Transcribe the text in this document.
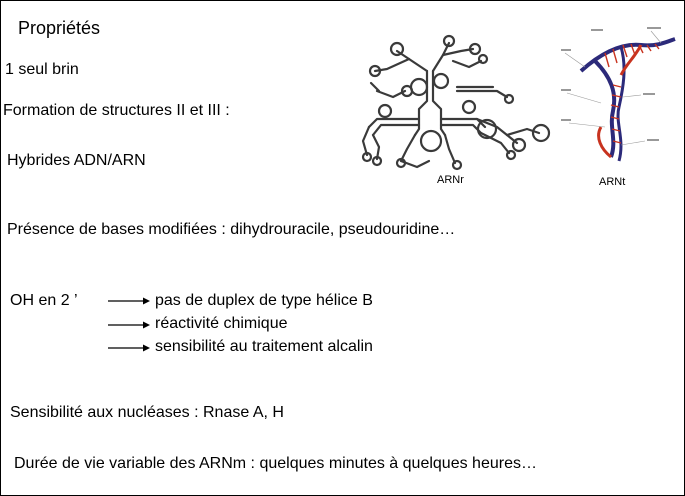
Propriétés
1 seul brin
Formation de structures II et III :
Hybrides ADN/ARN
Présence de bases modifiées : dihydrouracile, pseudouridine…
OH en 2 ’	pas de duplex de type hélice B
réactivité chimique
sensibilité au traitement alcalin
Sensibilité aux nucléases : Rnase A, H
Durée de vie variable des ARNm : quelques minutes à quelques heures…
ARNr	ARNt
